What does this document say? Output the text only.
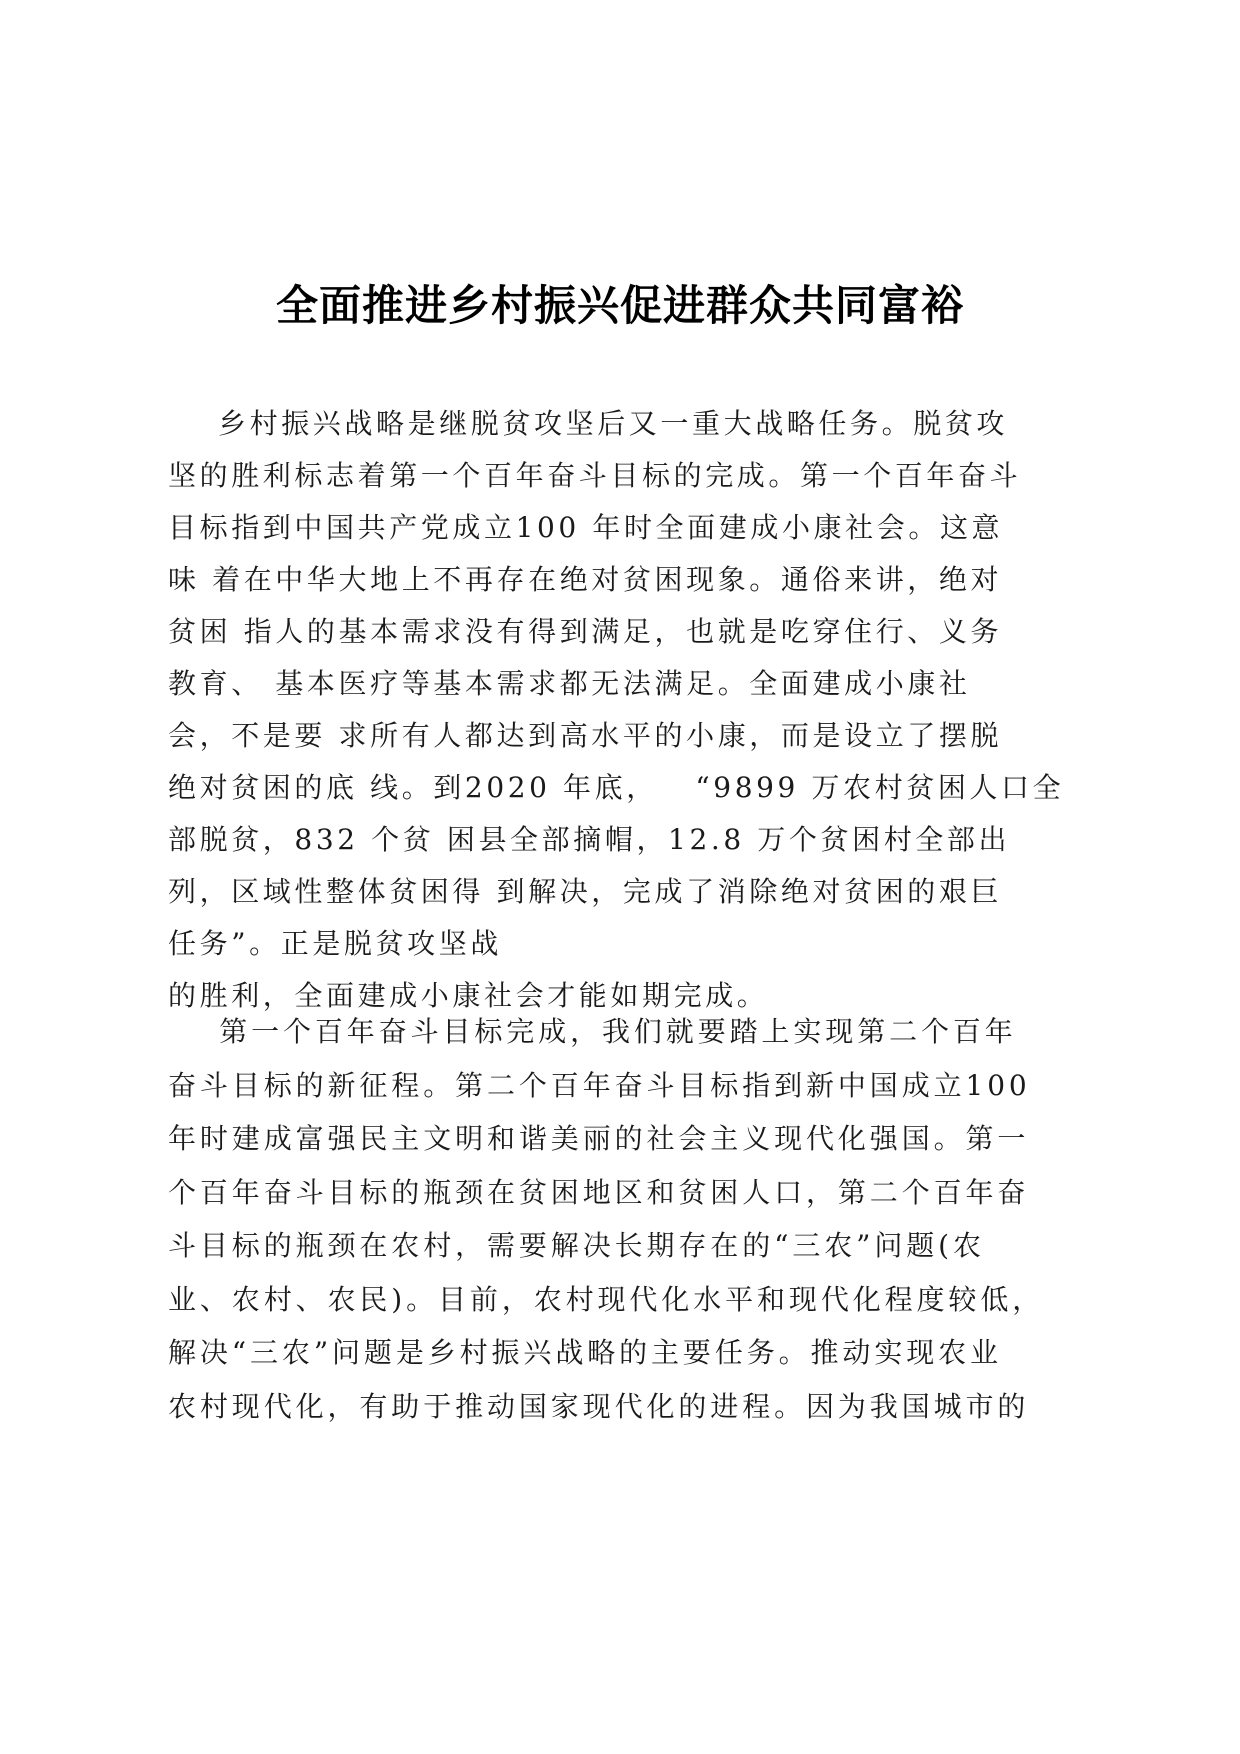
全面推进乡村振兴促进群众共同富裕
乡村振兴战略是继脱贫攻坚后又一重大战略任务。脱贫攻
坚的胜利标志着第一个百年奋斗目标的完成。第一个百年奋斗
目标指到中国共产党成立100 年时全面建成小康社会。这意
味 着在中华大地上不再存在绝对贫困现象。通俗来讲，绝对
贫困 指人的基本需求没有得到满足，也就是吃穿住行、义务
教育、 基本医疗等基本需求都无法满足。全面建成小康社
会，不是要 求所有人都达到高水平的小康，而是设立了摆脱
绝对贫困的底 线。到2020 年底，   “9899 万农村贫困人口全
部脱贫，832 个贫 困县全部摘帽，12.8 万个贫困村全部出
列，区域性整体贫困得 到解决，完成了消除绝对贫困的艰巨
任务”。正是脱贫攻坚战
的胜利，全面建成小康社会才能如期完成。
第一个百年奋斗目标完成，我们就要踏上实现第二个百年
奋斗目标的新征程。第二个百年奋斗目标指到新中国成立100
年时建成富强民主文明和谐美丽的社会主义现代化强国。第一
个百年奋斗目标的瓶颈在贫困地区和贫困人口，第二个百年奋
斗目标的瓶颈在农村，需要解决长期存在的“三农”问题(农
业、农村、农民)。目前，农村现代化水平和现代化程度较低，
解决“三农”问题是乡村振兴战略的主要任务。推动实现农业
农村现代化，有助于推动国家现代化的进程。因为我国城市的
